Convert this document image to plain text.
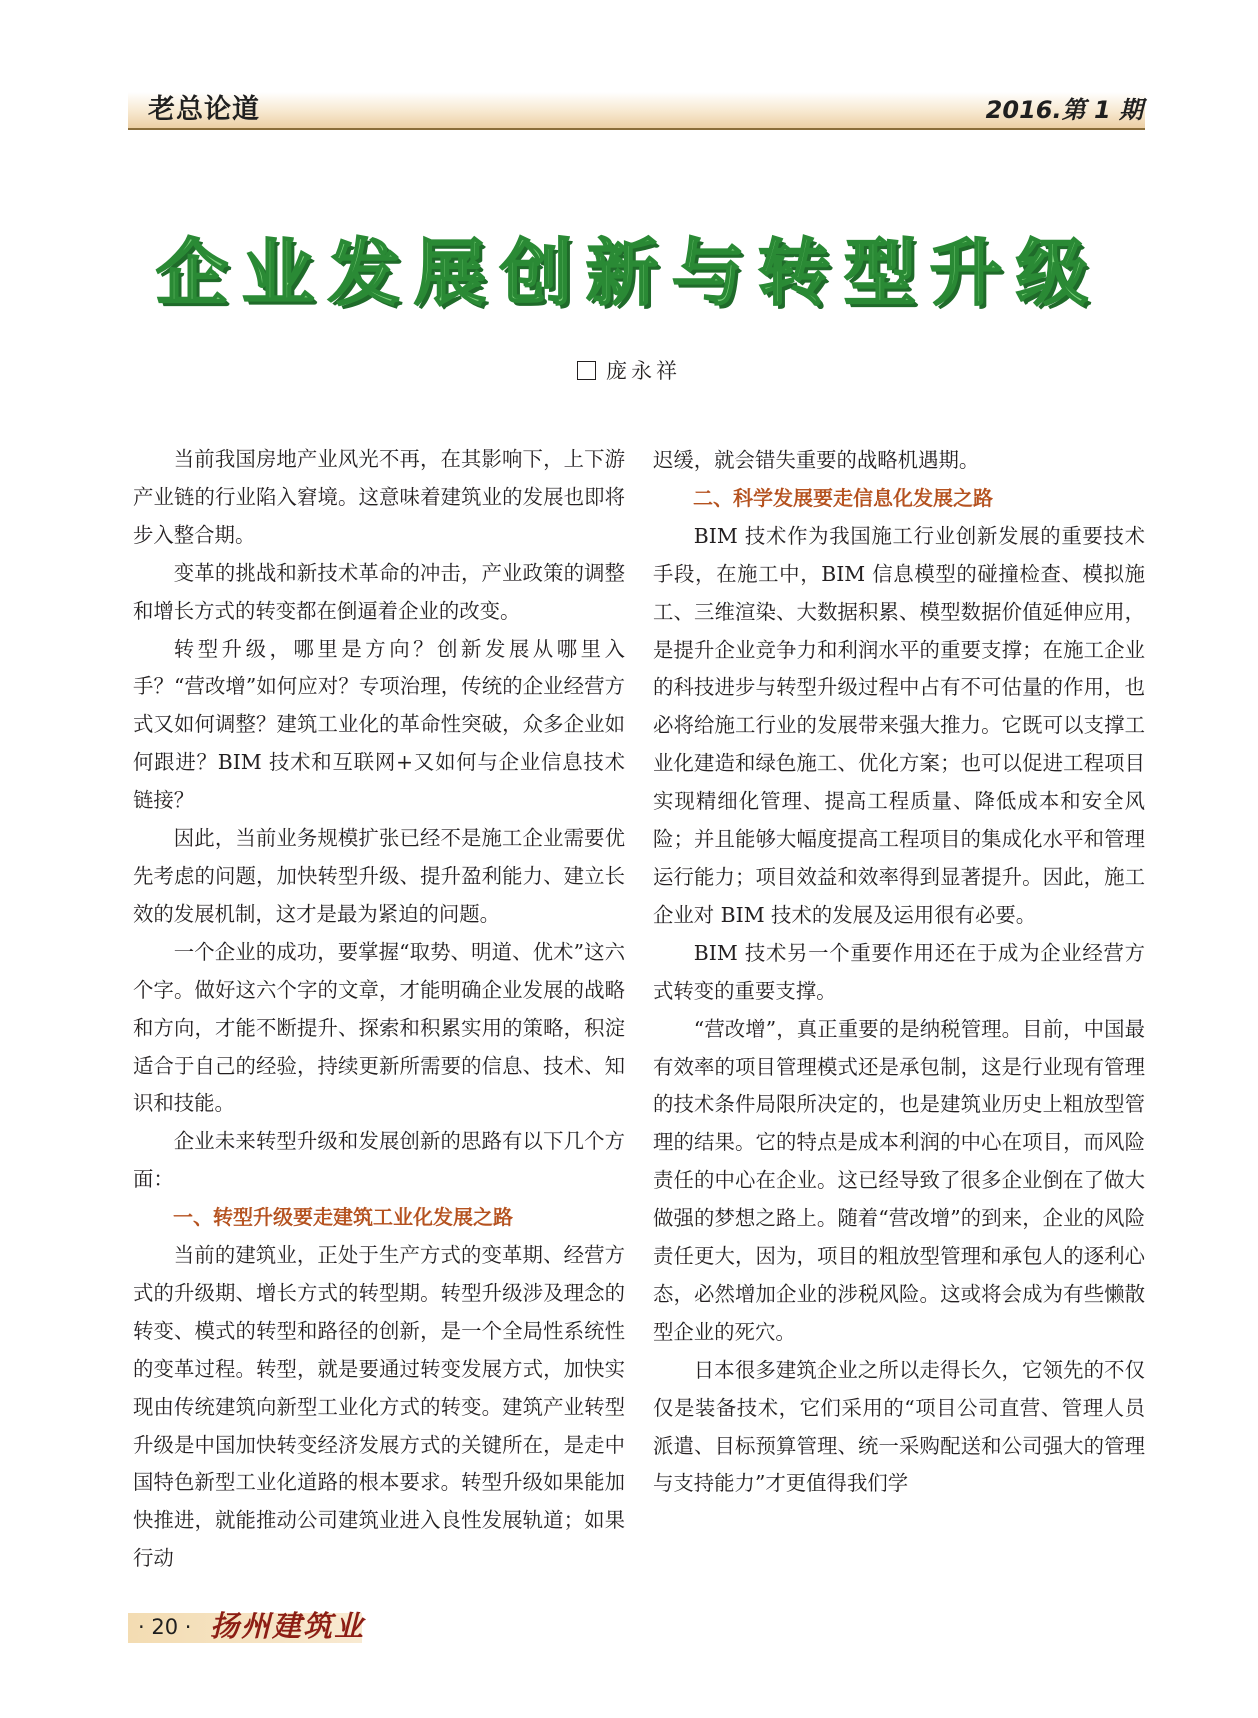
老总论道	2016.第 1 期
企业发展创新与转型升级
庞永祥

当前我国房地产业风光不再，在其影响下，上下游产业链的行业陷入窘境。这意味着建筑业的发展也即将步入整合期。

变革的挑战和新技术革命的冲击，产业政策的调整和增长方式的转变都在倒逼着企业的改变。

转型升级，哪里是方向？创新发展从哪里入手？“营改增”如何应对？专项治理，传统的企业经营方式又如何调整？建筑工业化的革命性突破，众多企业如何跟进？BIM 技术和互联网+又如何与企业信息技术链接？

因此，当前业务规模扩张已经不是施工企业需要优先考虑的问题，加快转型升级、提升盈利能力、建立长效的发展机制，这才是最为紧迫的问题。

一个企业的成功，要掌握“取势、明道、优术”这六个字。做好这六个字的文章，才能明确企业发展的战略和方向，才能不断提升、探索和积累实用的策略，积淀适合于自己的经验，持续更新所需要的信息、技术、知识和技能。

企业未来转型升级和发展创新的思路有以下几个方面：

一、转型升级要走建筑工业化发展之路

当前的建筑业，正处于生产方式的变革期、经营方式的升级期、增长方式的转型期。转型升级涉及理念的转变、模式的转型和路径的创新，是一个全局性系统性的变革过程。转型，就是要通过转变发展方式，加快实现由传统建筑向新型工业化方式的转变。建筑产业转型升级是中国加快转变经济发展方式的关键所在，是走中国特色新型工业化道路的根本要求。转型升级如果能加快推进，就能推动公司建筑业进入良性发展轨道；如果行动

迟缓，就会错失重要的战略机遇期。

二、科学发展要走信息化发展之路

BIM 技术作为我国施工行业创新发展的重要技术手段，在施工中，BIM 信息模型的碰撞检查、模拟施工、三维渲染、大数据积累、模型数据价值延伸应用，是提升企业竞争力和利润水平的重要支撑；在施工企业的科技进步与转型升级过程中占有不可估量的作用，也必将给施工行业的发展带来强大推力。它既可以支撑工业化建造和绿色施工、优化方案；也可以促进工程项目实现精细化管理、提高工程质量、降低成本和安全风险；并且能够大幅度提高工程项目的集成化水平和管理运行能力；项目效益和效率得到显著提升。因此，施工企业对 BIM 技术的发展及运用很有必要。

BIM 技术另一个重要作用还在于成为企业经营方式转变的重要支撑。

“营改增”，真正重要的是纳税管理。目前，中国最有效率的项目管理模式还是承包制，这是行业现有管理的技术条件局限所决定的，也是建筑业历史上粗放型管理的结果。它的特点是成本利润的中心在项目，而风险责任的中心在企业。这已经导致了很多企业倒在了做大做强的梦想之路上。随着“营改增”的到来，企业的风险责任更大，因为，项目的粗放型管理和承包人的逐利心态，必然增加企业的涉税风险。这或将会成为有些懒散型企业的死穴。

日本很多建筑企业之所以走得长久，它领先的不仅仅是装备技术，它们采用的“项目公司直营、管理人员派遣、目标预算管理、统一采购配送和公司强大的管理与支持能力”才更值得我们学

· 20 · 扬州建筑业
